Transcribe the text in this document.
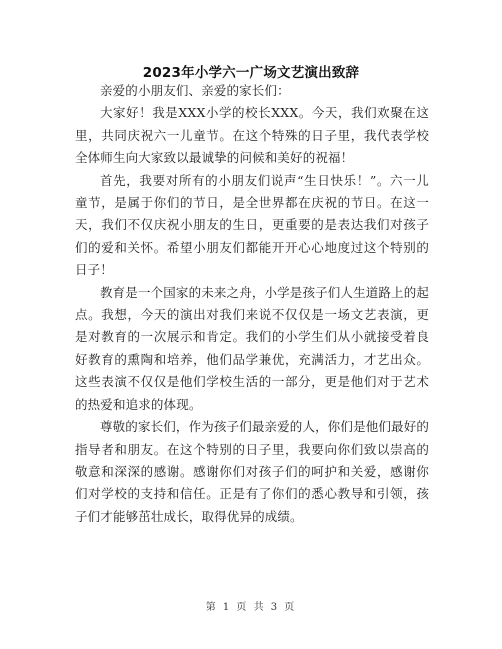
2023年小学六一广场文艺演出致辞

亲爱的小朋友们、亲爱的家长们：

大家好！我是XXX小学的校长XXX。今天，我们欢聚在这里，共同庆祝六一儿童节。在这个特殊的日子里，我代表学校全体师生向大家致以最诚挚的问候和美好的祝福！

首先，我要对所有的小朋友们说声“生日快乐！”。六一儿童节，是属于你们的节日，是全世界都在庆祝的节日。在这一天，我们不仅庆祝小朋友的生日，更重要的是表达我们对孩子们的爱和关怀。希望小朋友们都能开开心心地度过这个特别的日子！

教育是一个国家的未来之舟，小学是孩子们人生道路上的起点。我想，今天的演出对我们来说不仅仅是一场文艺表演，更是对教育的一次展示和肯定。我们的小学生们从小就接受着良好教育的熏陶和培养，他们品学兼优，充满活力，才艺出众。这些表演不仅仅是他们学校生活的一部分，更是他们对于艺术的热爱和追求的体现。

尊敬的家长们，作为孩子们最亲爱的人，你们是他们最好的指导者和朋友。在这个特别的日子里，我要向你们致以崇高的敬意和深深的感谢。感谢你们对孩子们的呵护和关爱，感谢你们对学校的支持和信任。正是有了你们的悉心教导和引领，孩子们才能够茁壮成长，取得优异的成绩。

第 1 页 共 3 页
